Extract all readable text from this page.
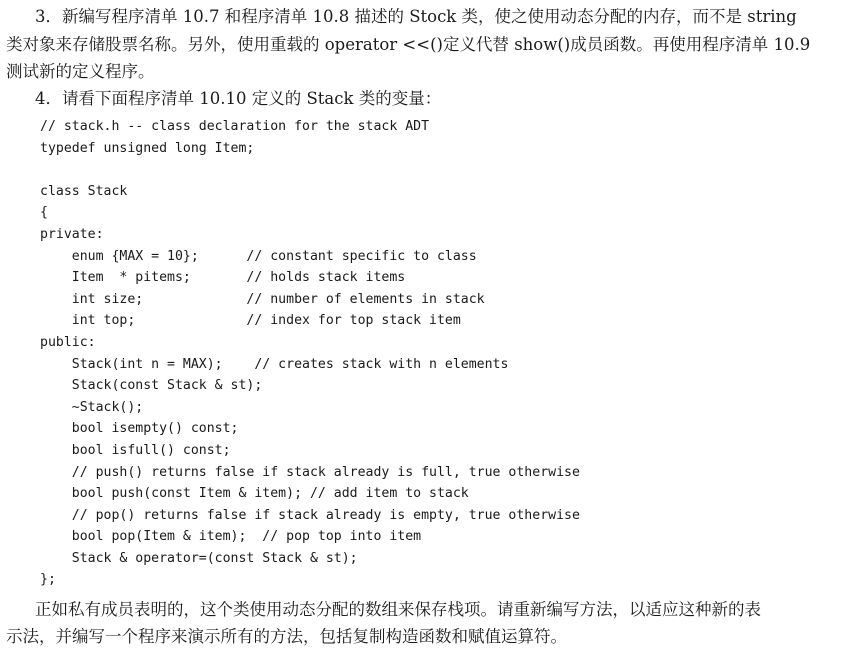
3．新编写程序清单 10.7 和程序清单 10.8 描述的 Stock 类，使之使用动态分配的内存，而不是 string

类对象来存储股票名称。另外，使用重载的 operator <<()定义代替 show()成员函数。再使用程序清单 10.9

测试新的定义程序。

4．请看下面程序清单 10.10 定义的 Stack 类的变量：

// stack.h -- class declaration for the stack ADT
typedef unsigned long Item;
class Stack
{
private:
enum {MAX = 10};      // constant specific to class
Item  * pitems;       // holds stack items
int size;             // number of elements in stack
int top;              // index for top stack item
public:
Stack(int n = MAX);    // creates stack with n elements
Stack(const Stack & st);
~Stack();
bool isempty() const;
bool isfull() const;
// push() returns false if stack already is full, true otherwise
bool push(const Item & item); // add item to stack
// pop() returns false if stack already is empty, true otherwise
bool pop(Item & item);  // pop top into item
Stack & operator=(const Stack & st);
};

正如私有成员表明的，这个类使用动态分配的数组来保存栈项。请重新编写方法，以适应这种新的表

示法，并编写一个程序来演示所有的方法，包括复制构造函数和赋值运算符。
